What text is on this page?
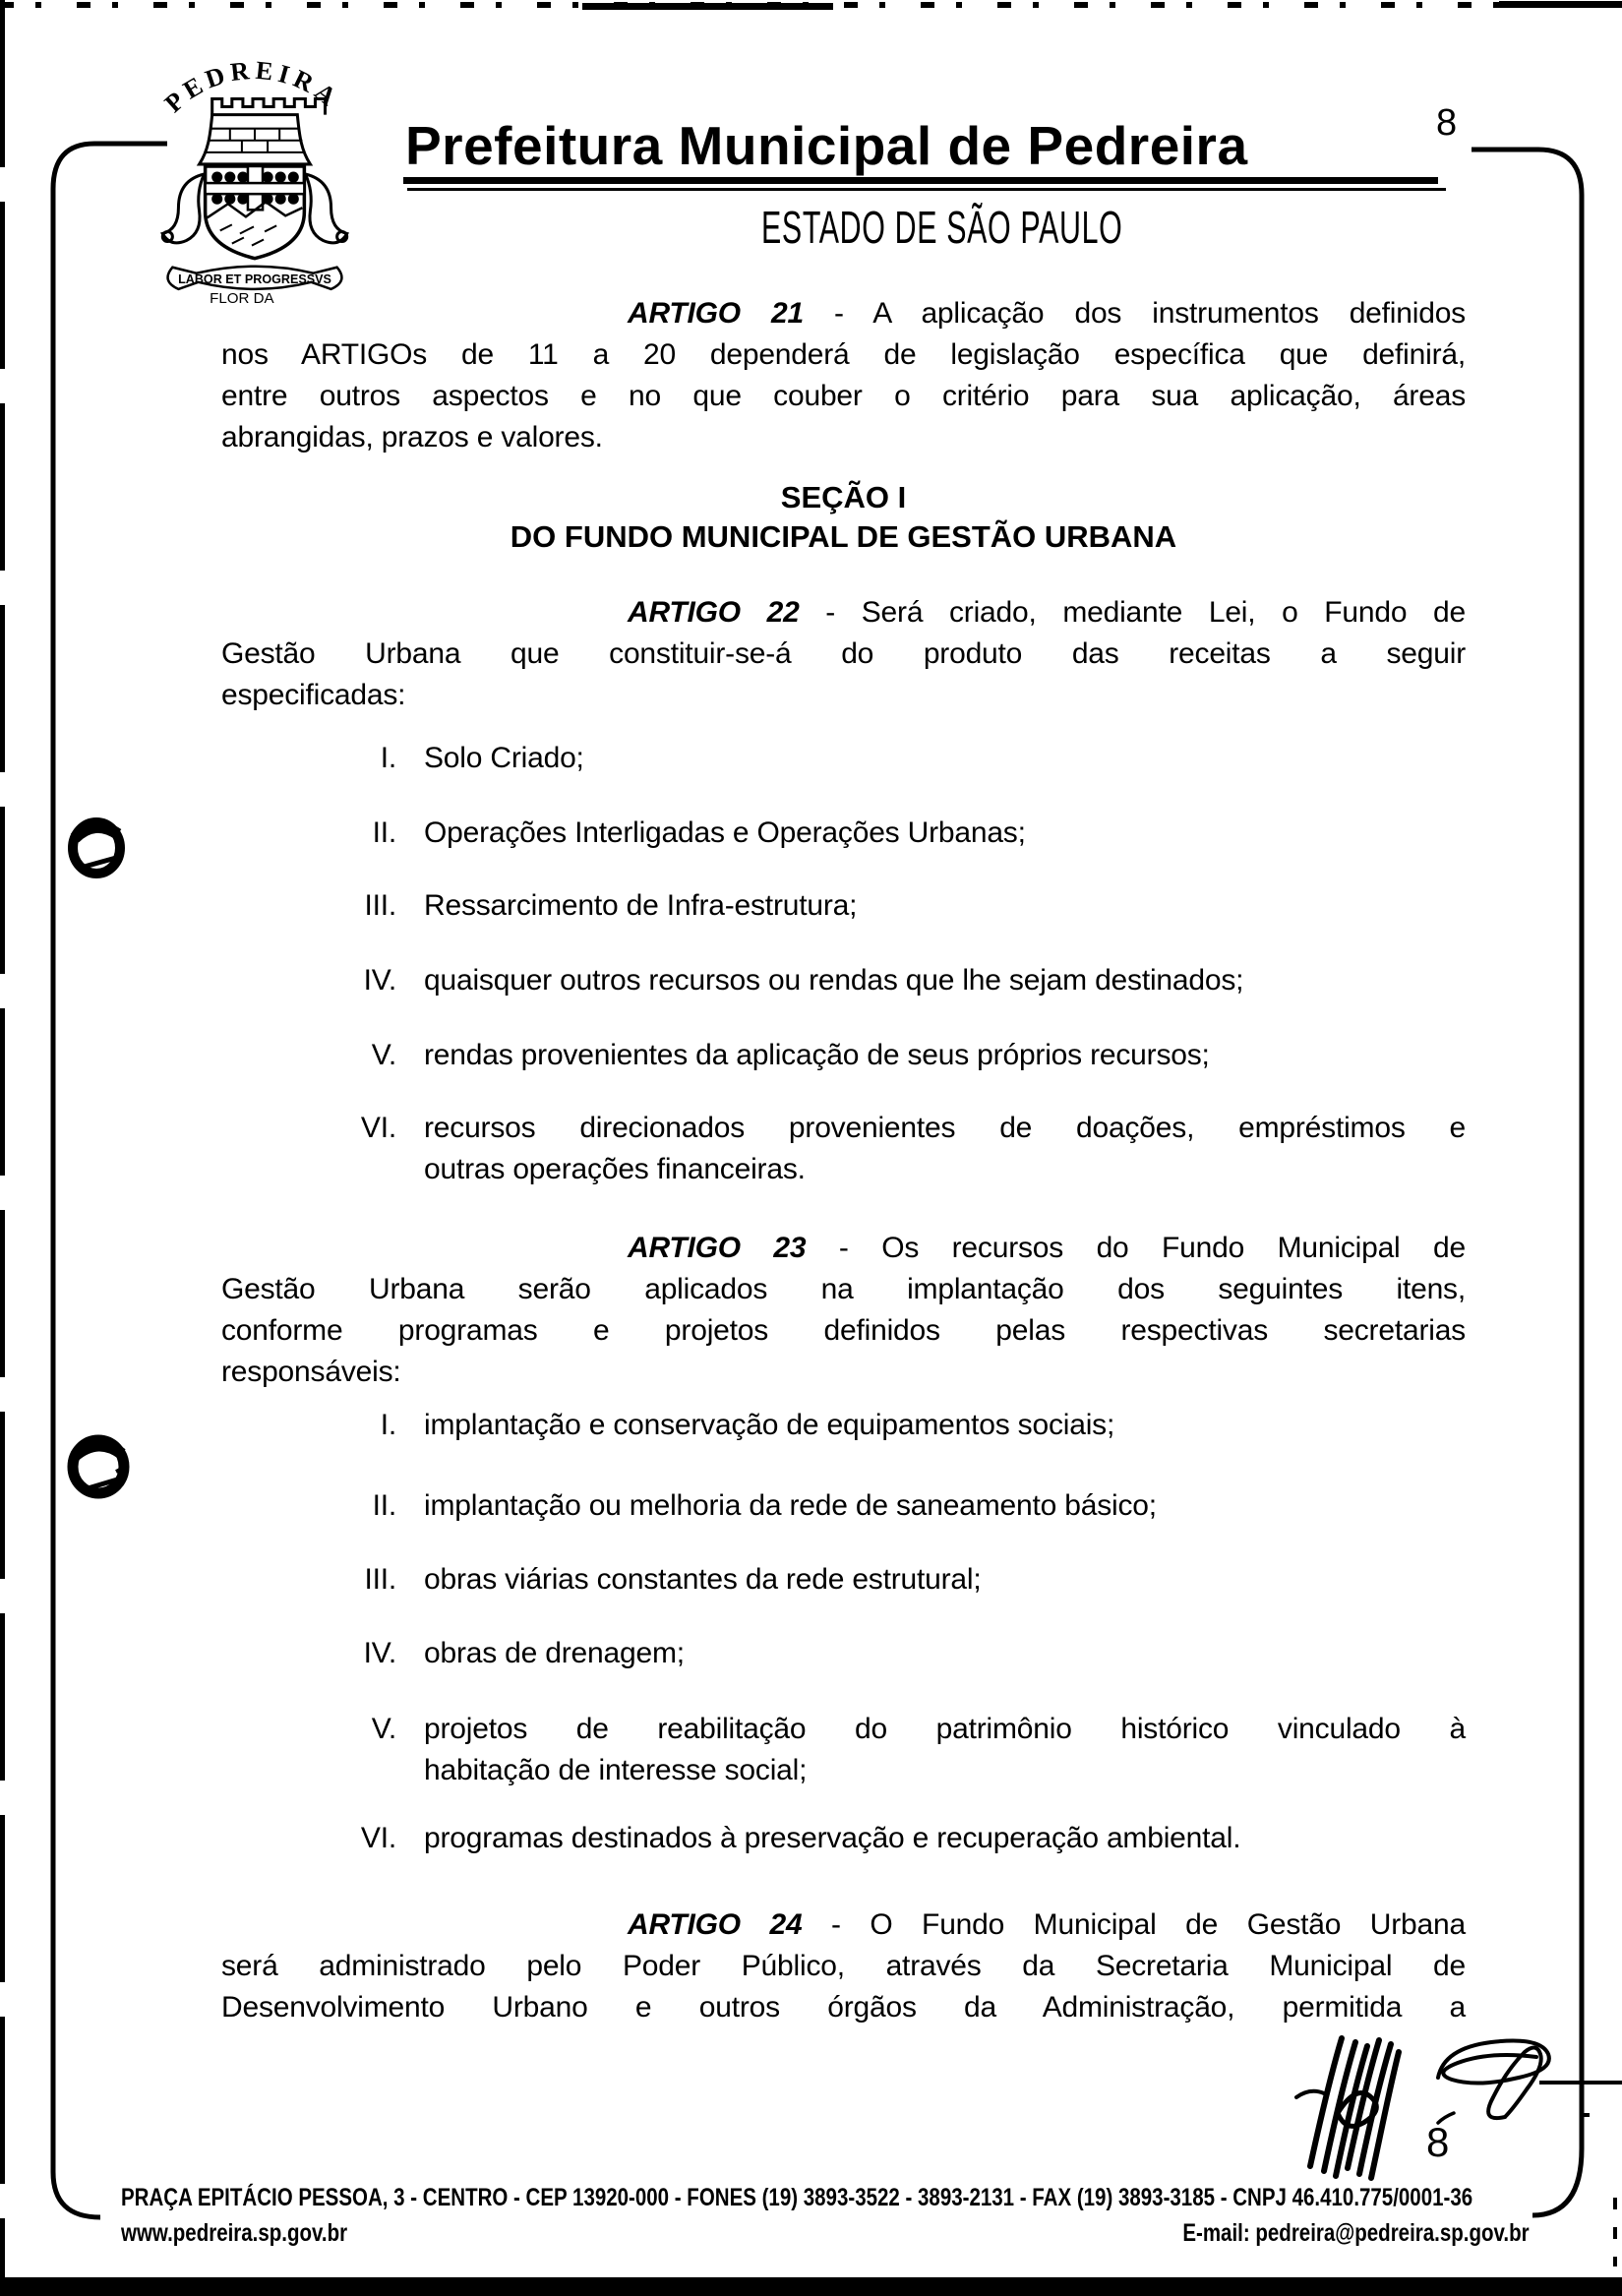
PEDREIRA
LABOR ET PROGRESSVS
FLOR DA
Prefeitura Municipal de Pedreira	8
ESTADO DE SÃO PAULO
ARTIGO 21 - A aplicação dos instrumentos definidos
nos ARTIGOs de 11 a 20 dependerá de legislação específica que definirá,
entre outros aspectos e no que couber o critério para sua aplicação, áreas
abrangidas, prazos e valores.
SEÇÃO I
DO FUNDO MUNICIPAL DE GESTÃO URBANA
ARTIGO 22 - Será criado, mediante Lei, o Fundo de
Gestão Urbana que constituir-se-á do produto das receitas a seguir
especificadas:
I. Solo Criado;
II. Operações Interligadas e Operações Urbanas;
III. Ressarcimento de Infra-estrutura;
IV. quaisquer outros recursos ou rendas que lhe sejam destinados;
V. rendas provenientes da aplicação de seus próprios recursos;
VI. recursos direcionados provenientes de doações, empréstimos e
outras operações financeiras.
ARTIGO 23 - Os recursos do Fundo Municipal de
Gestão Urbana serão aplicados na implantação dos seguintes itens,
conforme programas e projetos definidos pelas respectivas secretarias
responsáveis:
I. implantação e conservação de equipamentos sociais;
II. implantação ou melhoria da rede de saneamento básico;
III. obras viárias constantes da rede estrutural;
IV. obras de drenagem;
V. projetos de reabilitação do patrimônio histórico vinculado à
habitação de interesse social;
VI. programas destinados à preservação e recuperação ambiental.
ARTIGO 24 - O Fundo Municipal de Gestão Urbana
será administrado pelo Poder Público, através da Secretaria Municipal de
Desenvolvimento Urbano e outros órgãos da Administração, permitida a
8
PRAÇA EPITÁCIO PESSOA, 3 - CENTRO - CEP 13920-000 - FONES (19) 3893-3522 - 3893-2131 - FAX (19) 3893-3185 - CNPJ 46.410.775/0001-36
www.pedreira.sp.gov.br	E-mail: pedreira@pedreira.sp.gov.br
